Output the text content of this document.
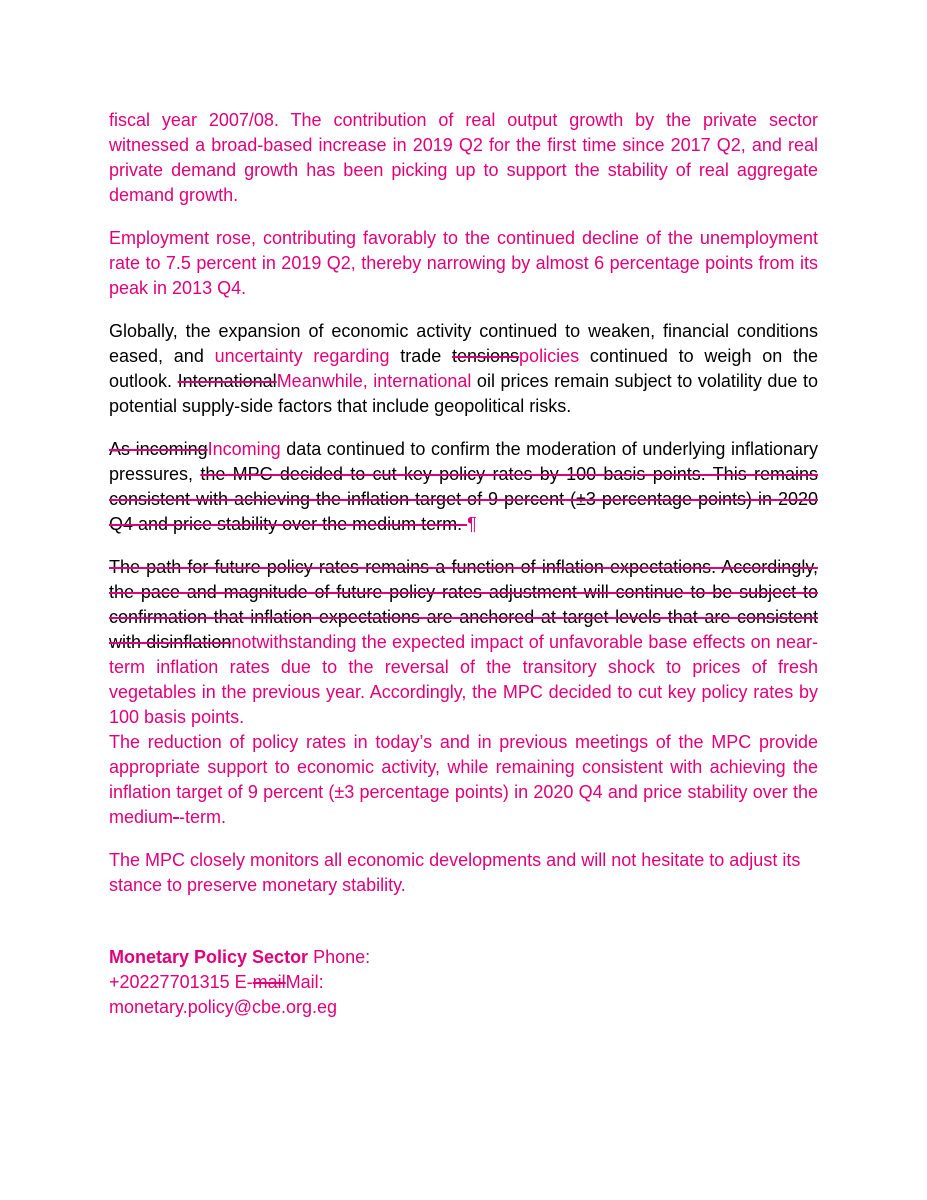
fiscal year 2007/08. The contribution of real output growth by the private sector witnessed a broad-based increase in 2019 Q2 for the first time since 2017 Q2, and real private demand growth has been picking up to support the stability of real aggregate demand growth.

Employment rose, contributing favorably to the continued decline of the unemployment rate to 7.5 percent in 2019 Q2, thereby narrowing by almost 6 percentage points from its peak in 2013 Q4.

Globally, the expansion of economic activity continued to weaken, financial conditions eased, and uncertainty regarding trade tensionspolicies continued to weigh on the outlook. InternationalMeanwhile, international oil prices remain subject to volatility due to potential supply-side factors that include geopolitical risks.

As incomingIncoming data continued to confirm the moderation of underlying inflationary pressures, the MPC decided to cut key policy rates by 100 basis points. This remains consistent with achieving the inflation target of 9 percent (±3 percentage points) in 2020 Q4 and price stability over the medium term. ¶

The path for future policy rates remains a function of inflation expectations. Accordingly, the pace and magnitude of future policy rates adjustment will continue to be subject to confirmation that inflation expectations are anchored at target levels that are consistent with disinflationnotwithstanding the expected impact of unfavorable base effects on near-term inflation rates due to the reversal of the transitory shock to prices of fresh vegetables in the previous year. Accordingly, the MPC decided to cut key policy rates by 100 basis points.

The reduction of policy rates in today’s and in previous meetings of the MPC provide appropriate support to economic activity, while remaining consistent with achieving the inflation target of 9 percent (±3 percentage points) in 2020 Q4 and price stability over the medium--term.

The MPC closely monitors all economic developments and will not hesitate to adjust its stance to preserve monetary stability.

Monetary Policy Sector Phone:
+20227701315 E-mailMail:
monetary.policy@cbe.org.eg
